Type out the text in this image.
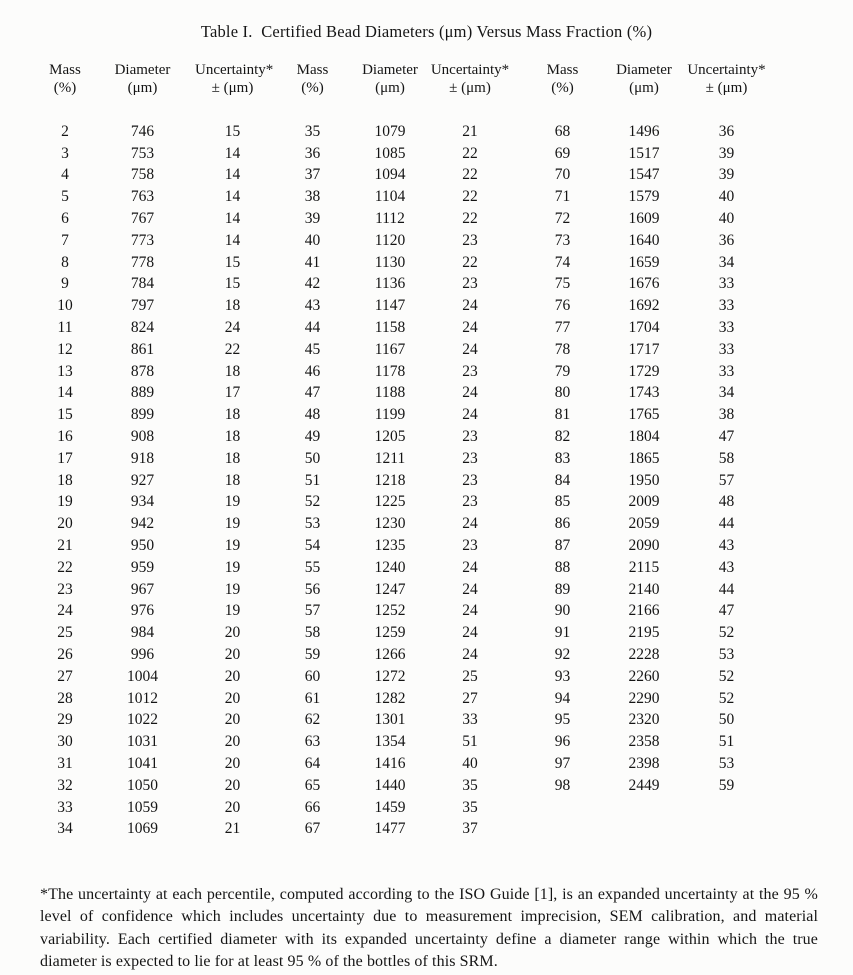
Table I.  Certified Bead Diameters (μm) Versus Mass Fraction (%)
Mass
(%)

Diameter
(μm)

Uncertainty*
± (μm)

Mass
(%)

Diameter
(μm)

Uncertainty*
± (μm)

Mass
(%)

Diameter
(μm)

Uncertainty*
± (μm)

2	746	15	35	1079	21	68	1496	36
3	753	14	36	1085	22	69	1517	39
4	758	14	37	1094	22	70	1547	39
5	763	14	38	1104	22	71	1579	40
6	767	14	39	1112	22	72	1609	40
7	773	14	40	1120	23	73	1640	36
8	778	15	41	1130	22	74	1659	34
9	784	15	42	1136	23	75	1676	33
10	797	18	43	1147	24	76	1692	33
11	824	24	44	1158	24	77	1704	33
12	861	22	45	1167	24	78	1717	33
13	878	18	46	1178	23	79	1729	33
14	889	17	47	1188	24	80	1743	34
15	899	18	48	1199	24	81	1765	38
16	908	18	49	1205	23	82	1804	47
17	918	18	50	1211	23	83	1865	58
18	927	18	51	1218	23	84	1950	57
19	934	19	52	1225	23	85	2009	48
20	942	19	53	1230	24	86	2059	44
21	950	19	54	1235	23	87	2090	43
22	959	19	55	1240	24	88	2115	43
23	967	19	56	1247	24	89	2140	44
24	976	19	57	1252	24	90	2166	47
25	984	20	58	1259	24	91	2195	52
26	996	20	59	1266	24	92	2228	53
27	1004	20	60	1272	25	93	2260	52
28	1012	20	61	1282	27	94	2290	52
29	1022	20	62	1301	33	95	2320	50
30	1031	20	63	1354	51	96	2358	51
31	1041	20	64	1416	40	97	2398	53
32	1050	20	65	1440	35	98	2449	59
33	1059	20	66	1459	35			
34	1069	21	67	1477	37			
*The uncertainty at each percentile, computed according to the ISO Guide [1], is an expanded uncertainty at the 95 % level of confidence which includes uncertainty due to measurement imprecision, SEM calibration, and material variability. Each certified diameter with its expanded uncertainty define a diameter range within which the true diameter is expected to lie for at least 95 % of the bottles of this SRM.
